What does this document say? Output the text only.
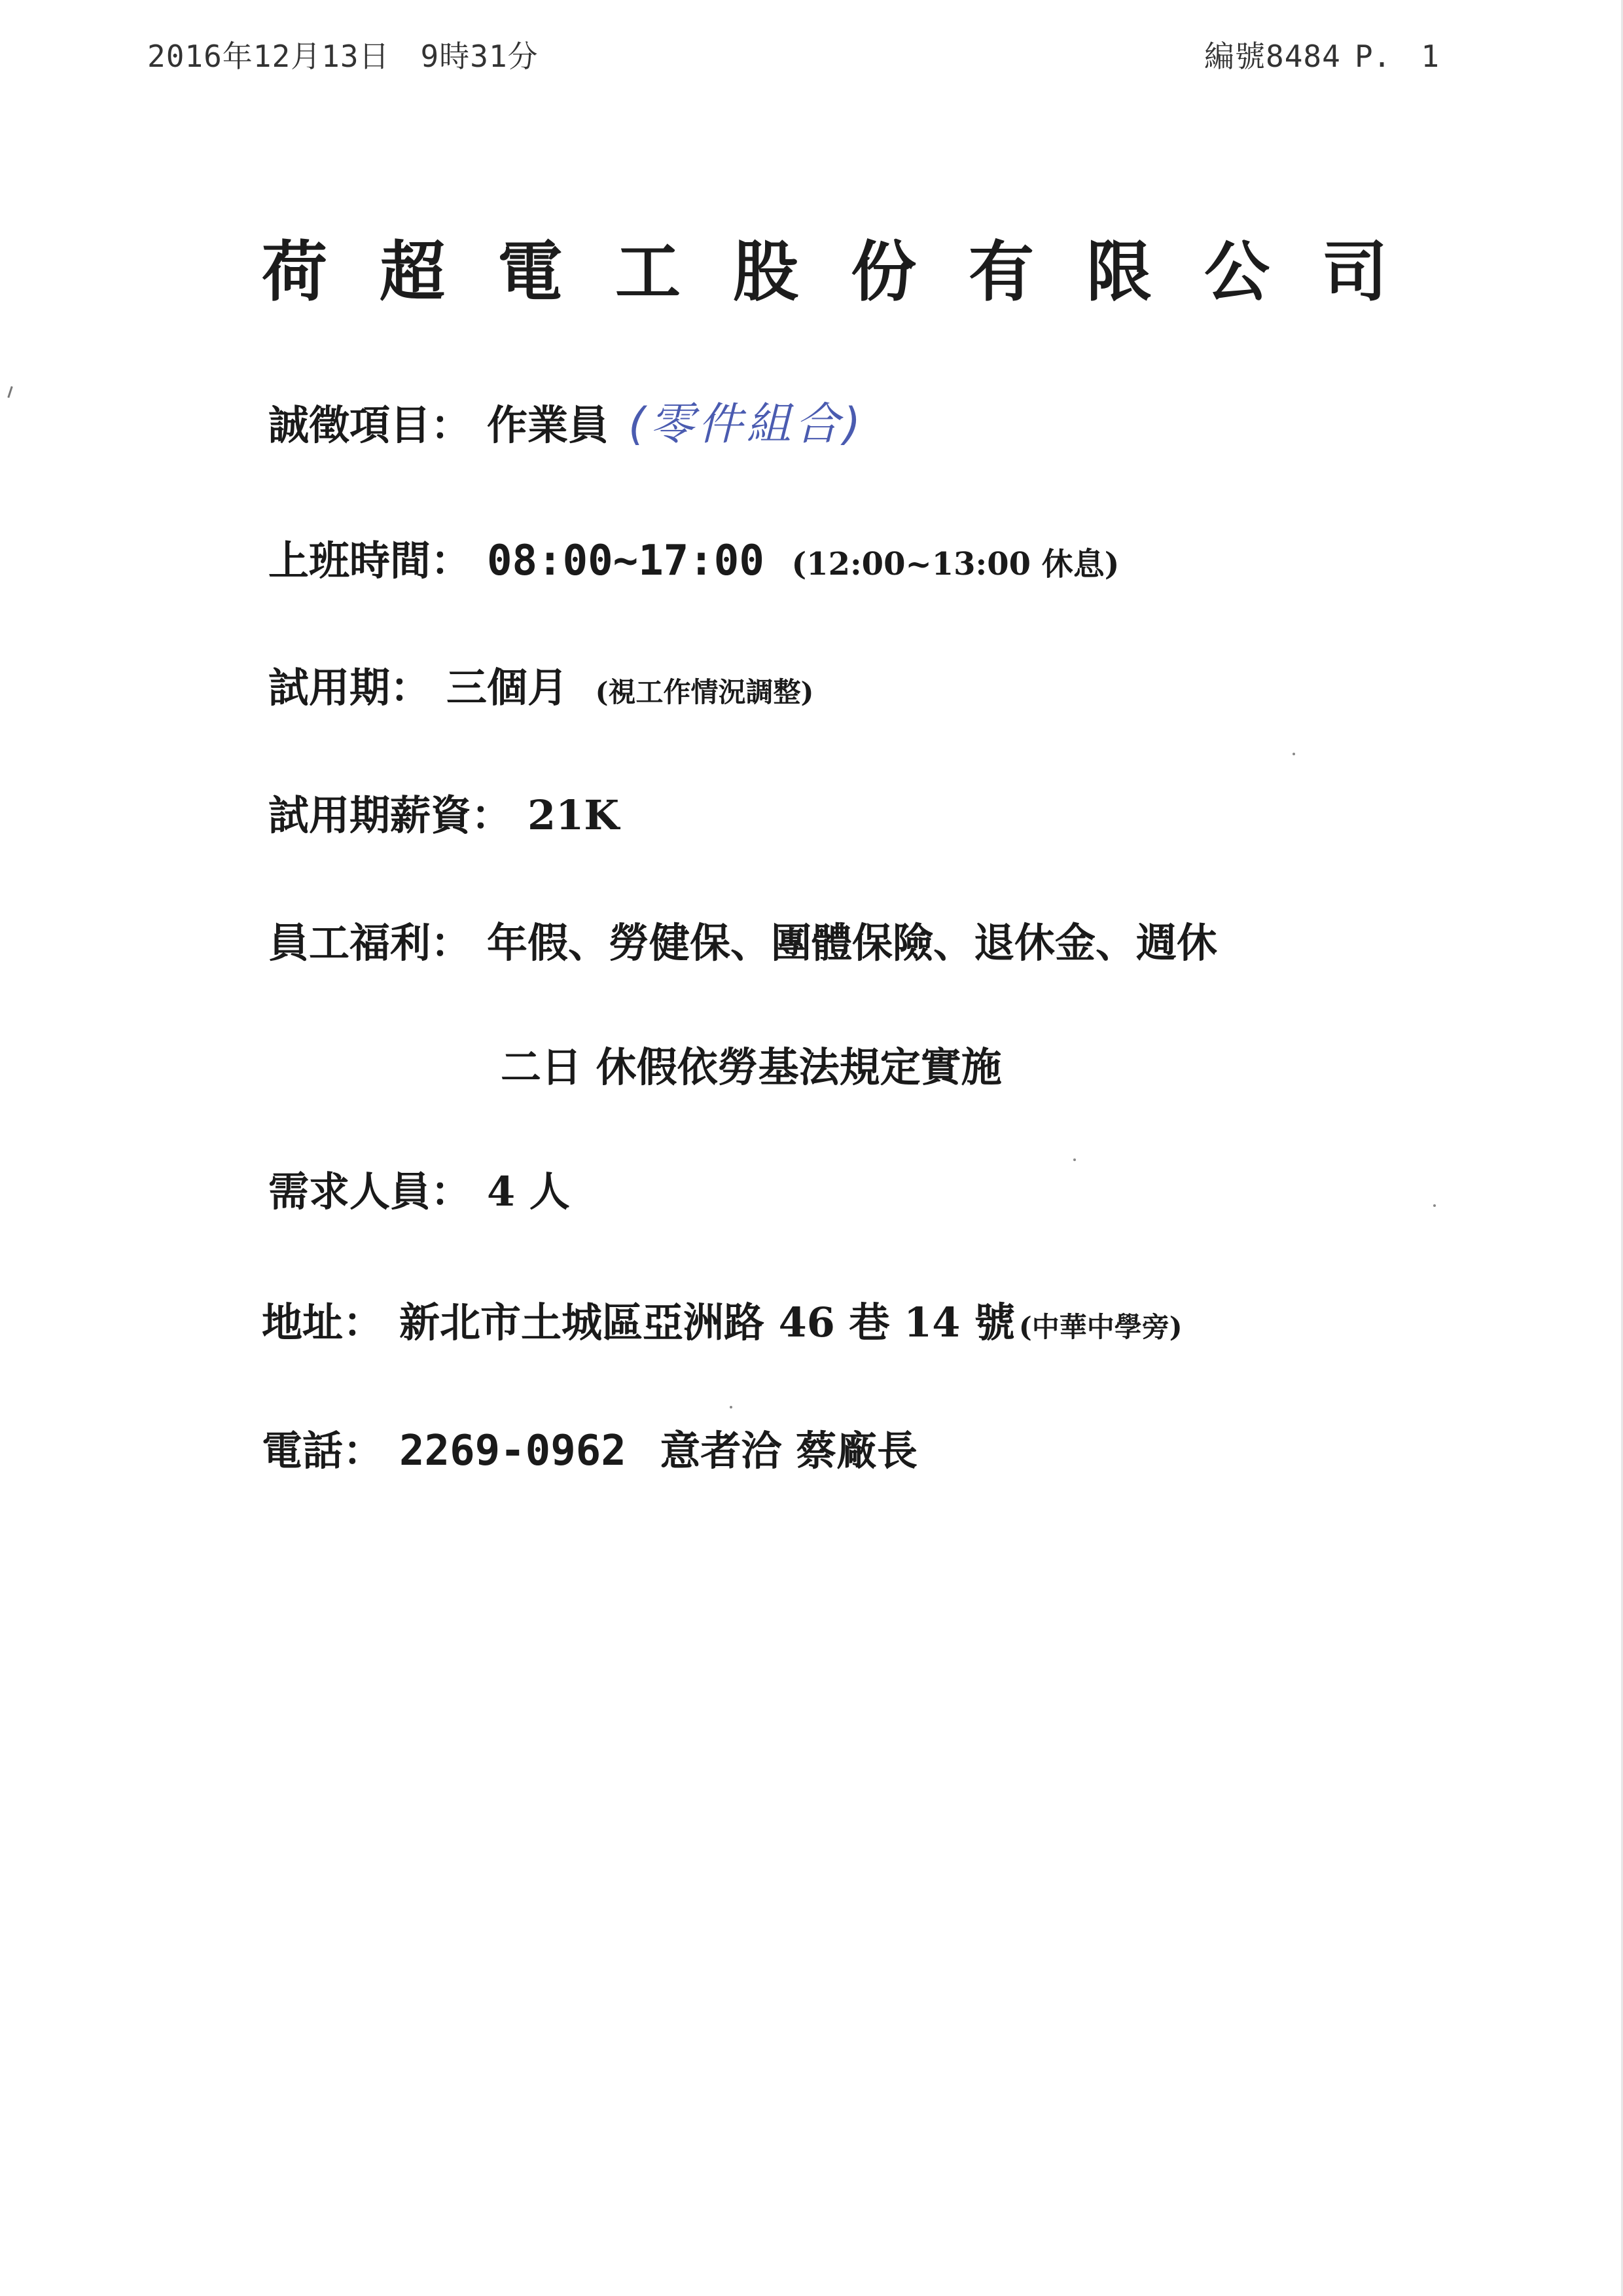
2016年12月13日　9時31分	編號8484 P.　1
荷 超 電 工 股 份 有 限 公 司
誠徵項目： 作業員 (零件組合)
上班時間： 08:00~17:00 (12:00~13:00 休息)
試用期： 三個月 (視工作情況調整)
試用期薪資： 21K
員工福利： 年假、勞健保、團體保險、退休金、週休
二日 休假依勞基法規定實施
需求人員： 4 人
地址： 新北市土城區亞洲路 46 巷 14 號 (中華中學旁)
電話： 2269-0962 意者洽 蔡廠長
